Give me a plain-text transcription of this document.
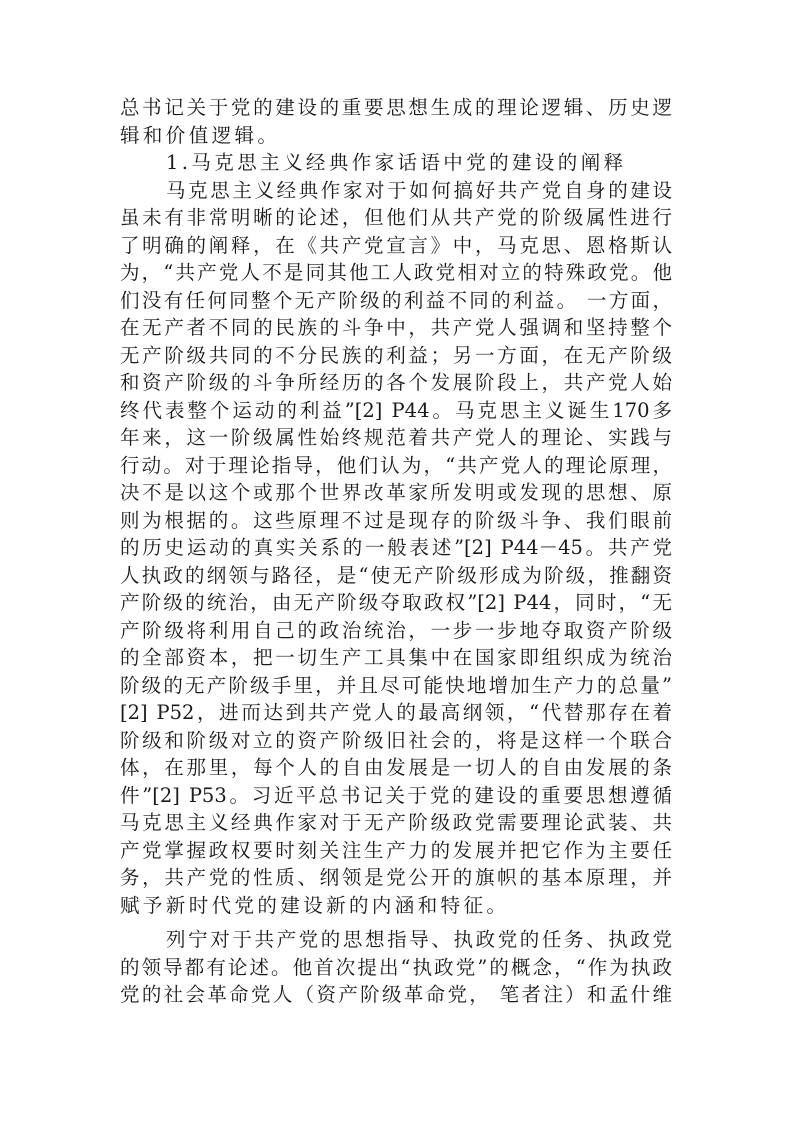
总书记关于党的建设的重要思想生成的理论逻辑、历史逻
辑和价值逻辑。
1.马克思主义经典作家话语中党的建设的阐释
马克思主义经典作家对于如何搞好共产党自身的建设
虽未有非常明晰的论述，但他们从共产党的阶级属性进行
了明确的阐释，在《共产党宣言》中，马克思、恩格斯认
为，“共产党人不是同其他工人政党相对立的特殊政党。他
们没有任何同整个无产阶级的利益不同的利益。 一方面，
在无产者不同的民族的斗争中，共产党人强调和坚持整个
无产阶级共同的不分民族的利益；另一方面，在无产阶级
和资产阶级的斗争所经历的各个发展阶段上，共产党人始
终代表整个运动的利益”[2] P44。马克思主义诞生170多
年来，这一阶级属性始终规范着共产党人的理论、实践与
行动。对于理论指导，他们认为，“共产党人的理论原理，
决不是以这个或那个世界改革家所发明或发现的思想、原
则为根据的。这些原理不过是现存的阶级斗争、我们眼前
的历史运动的真实关系的一般表述”[2] P44－45。共产党
人执政的纲领与路径，是“使无产阶级形成为阶级，推翻资
产阶级的统治，由无产阶级夺取政权”[2] P44，同时，“无
产阶级将利用自己的政治统治，一步一步地夺取资产阶级
的全部资本，把一切生产工具集中在国家即组织成为统治
阶级的无产阶级手里，并且尽可能快地增加生产力的总量”
[2] P52，进而达到共产党人的最高纲领，“代替那存在着
阶级和阶级对立的资产阶级旧社会的，将是这样一个联合
体，在那里，每个人的自由发展是一切人的自由发展的条
件”[2] P53。习近平总书记关于党的建设的重要思想遵循
马克思主义经典作家对于无产阶级政党需要理论武装、共
产党掌握政权要时刻关注生产力的发展并把它作为主要任
务，共产党的性质、纲领是党公开的旗帜的基本原理，并
赋予新时代党的建设新的内涵和特征。
列宁对于共产党的思想指导、执政党的任务、执政党
的领导都有论述。他首次提出“执政党”的概念，“作为执政
党的社会革命党人（资产阶级革命党， 笔者注）和孟什维
